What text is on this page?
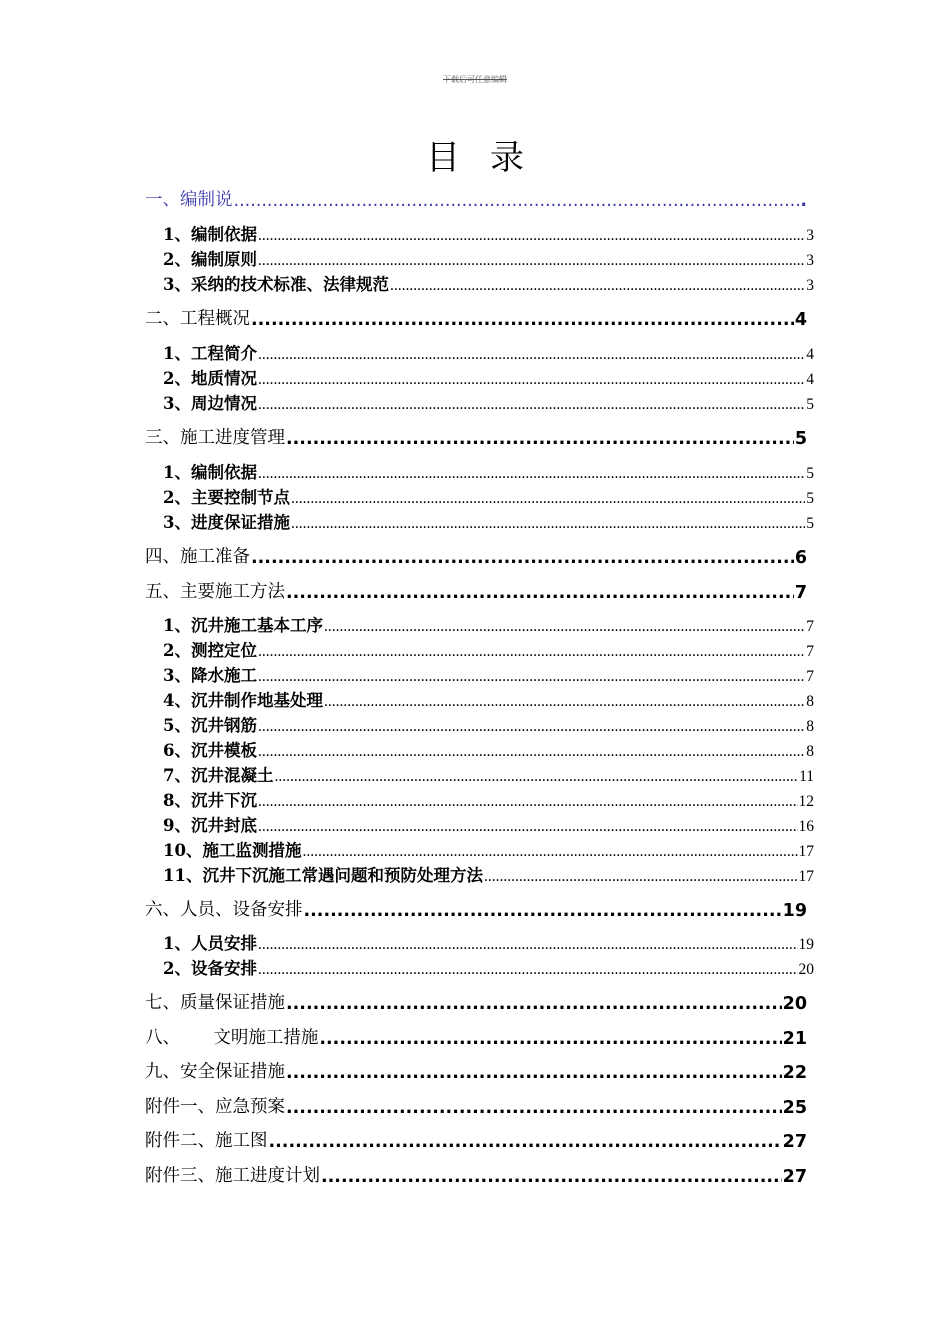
下载后可任意编辑
目录
一、编制说 .....	.
1、编制依据 .....	3
2、编制原则 .....	3
3、采纳的技术标准、法律规范 .....	3
二、工程概况 .....	4
1、工程简介 .....	4
2、地质情况 .....	4
3、周边情况 .....	5
三、施工进度管理 .....	5
1、编制依据 .....	5
2、主要控制节点 .....	5
3、进度保证措施 .....	5
四、施工准备 .....	6
五、主要施工方法 .....	7
1、沉井施工基本工序 .....	7
2、测控定位 .....	7
3、降水施工 .....	7
4、沉井制作地基处理 .....	8
5、沉井钢筋 .....	8
6、沉井模板 .....	8
7、沉井混凝土 .....	11
8、沉井下沉 .....	12
9、沉井封底 .....	16
10、施工监测措施 .....	17
11、沉井下沉施工常遇问题和预防处理方法 .....	17
六、人员、设备安排 .....	19
1、人员安排 .....	19
2、设备安排 .....	20
七、质量保证措施 .....	20
八、      文明施工措施 .....	21
九、安全保证措施 .....	22
附件一、应急预案 .....	25
附件二、施工图 .....	27
附件三、施工进度计划 .....	27
